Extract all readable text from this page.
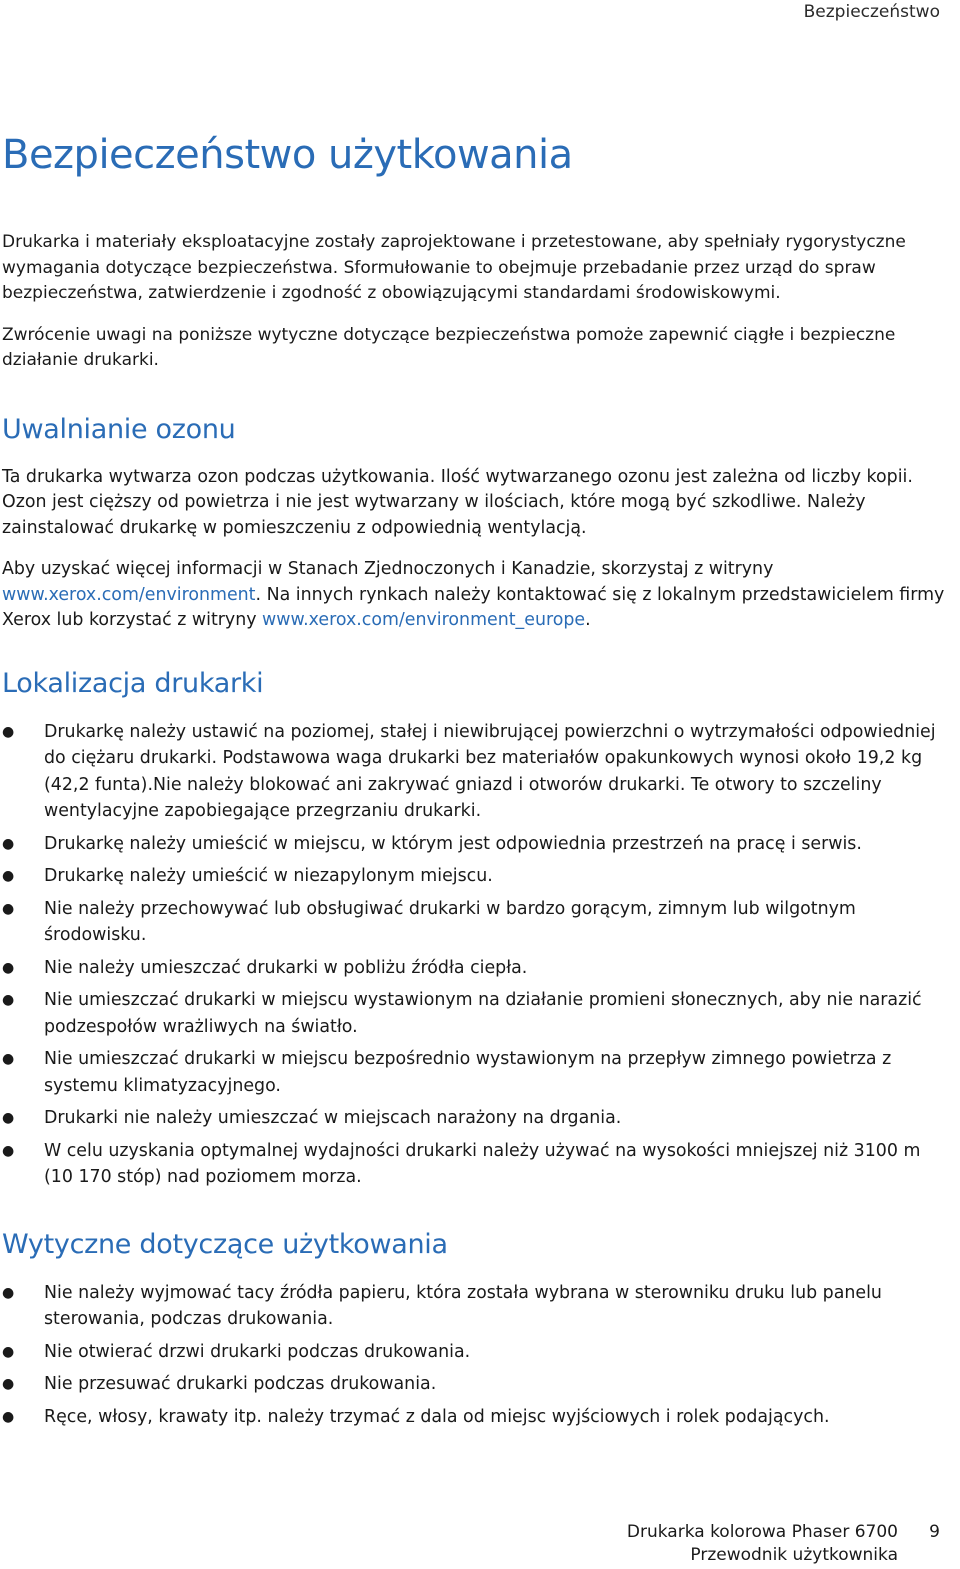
Bezpieczeństwo
Bezpieczeństwo użytkowania

Drukarka i materiały eksploatacyjne zostały zaprojektowane i przetestowane, aby spełniały rygorystyczne wymagania dotyczące bezpieczeństwa. Sformułowanie to obejmuje przebadanie przez urząd do spraw bezpieczeństwa, zatwierdzenie i zgodność z obowiązującymi standardami środowiskowymi.

Zwrócenie uwagi na poniższe wytyczne dotyczące bezpieczeństwa pomoże zapewnić ciągłe i bezpieczne działanie drukarki.

Uwalnianie ozonu

Ta drukarka wytwarza ozon podczas użytkowania. Ilość wytwarzanego ozonu jest zależna od liczby kopii. Ozon jest cięższy od powietrza i nie jest wytwarzany w ilościach, które mogą być szkodliwe. Należy zainstalować drukarkę w pomieszczeniu z odpowiednią wentylacją.

Aby uzyskać więcej informacji w Stanach Zjednoczonych i Kanadzie, skorzystaj z witryny www.xerox.com/environment. Na innych rynkach należy kontaktować się z lokalnym przedstawicielem firmy Xerox lub korzystać z witryny www.xerox.com/environment_europe.

Lokalizacja drukarki
● Drukarkę należy ustawić na poziomej, stałej i niewibrującej powierzchni o wytrzymałości odpowiedniej do ciężaru drukarki. Podstawowa waga drukarki bez materiałów opakunkowych wynosi około 19,2 kg (42,2 funta).Nie należy blokować ani zakrywać gniazd i otworów drukarki. Te otwory to szczeliny wentylacyjne zapobiegające przegrzaniu drukarki.
● Drukarkę należy umieścić w miejscu, w którym jest odpowiednia przestrzeń na pracę i serwis.
● Drukarkę należy umieścić w niezapylonym miejscu.
● Nie należy przechowywać lub obsługiwać drukarki w bardzo gorącym, zimnym lub wilgotnym środowisku.
● Nie należy umieszczać drukarki w pobliżu źródła ciepła.
● Nie umieszczać drukarki w miejscu wystawionym na działanie promieni słonecznych, aby nie narazić podzespołów wrażliwych na światło.
● Nie umieszczać drukarki w miejscu bezpośrednio wystawionym na przepływ zimnego powietrza z systemu klimatyzacyjnego.
● Drukarki nie należy umieszczać w miejscach narażony na drgania.
● W celu uzyskania optymalnej wydajności drukarki należy używać na wysokości mniejszej niż 3100 m (10 170 stóp) nad poziomem morza.
Wytyczne dotyczące użytkowania
● Nie należy wyjmować tacy źródła papieru, która została wybrana w sterowniku druku lub panelu sterowania, podczas drukowania.
● Nie otwierać drzwi drukarki podczas drukowania.
● Nie przesuwać drukarki podczas drukowania.
● Ręce, włosy, krawaty itp. należy trzymać z dala od miejsc wyjściowych i rolek podających.
Drukarka kolorowa Phaser 6700
Przewodnik użytkownika
9
